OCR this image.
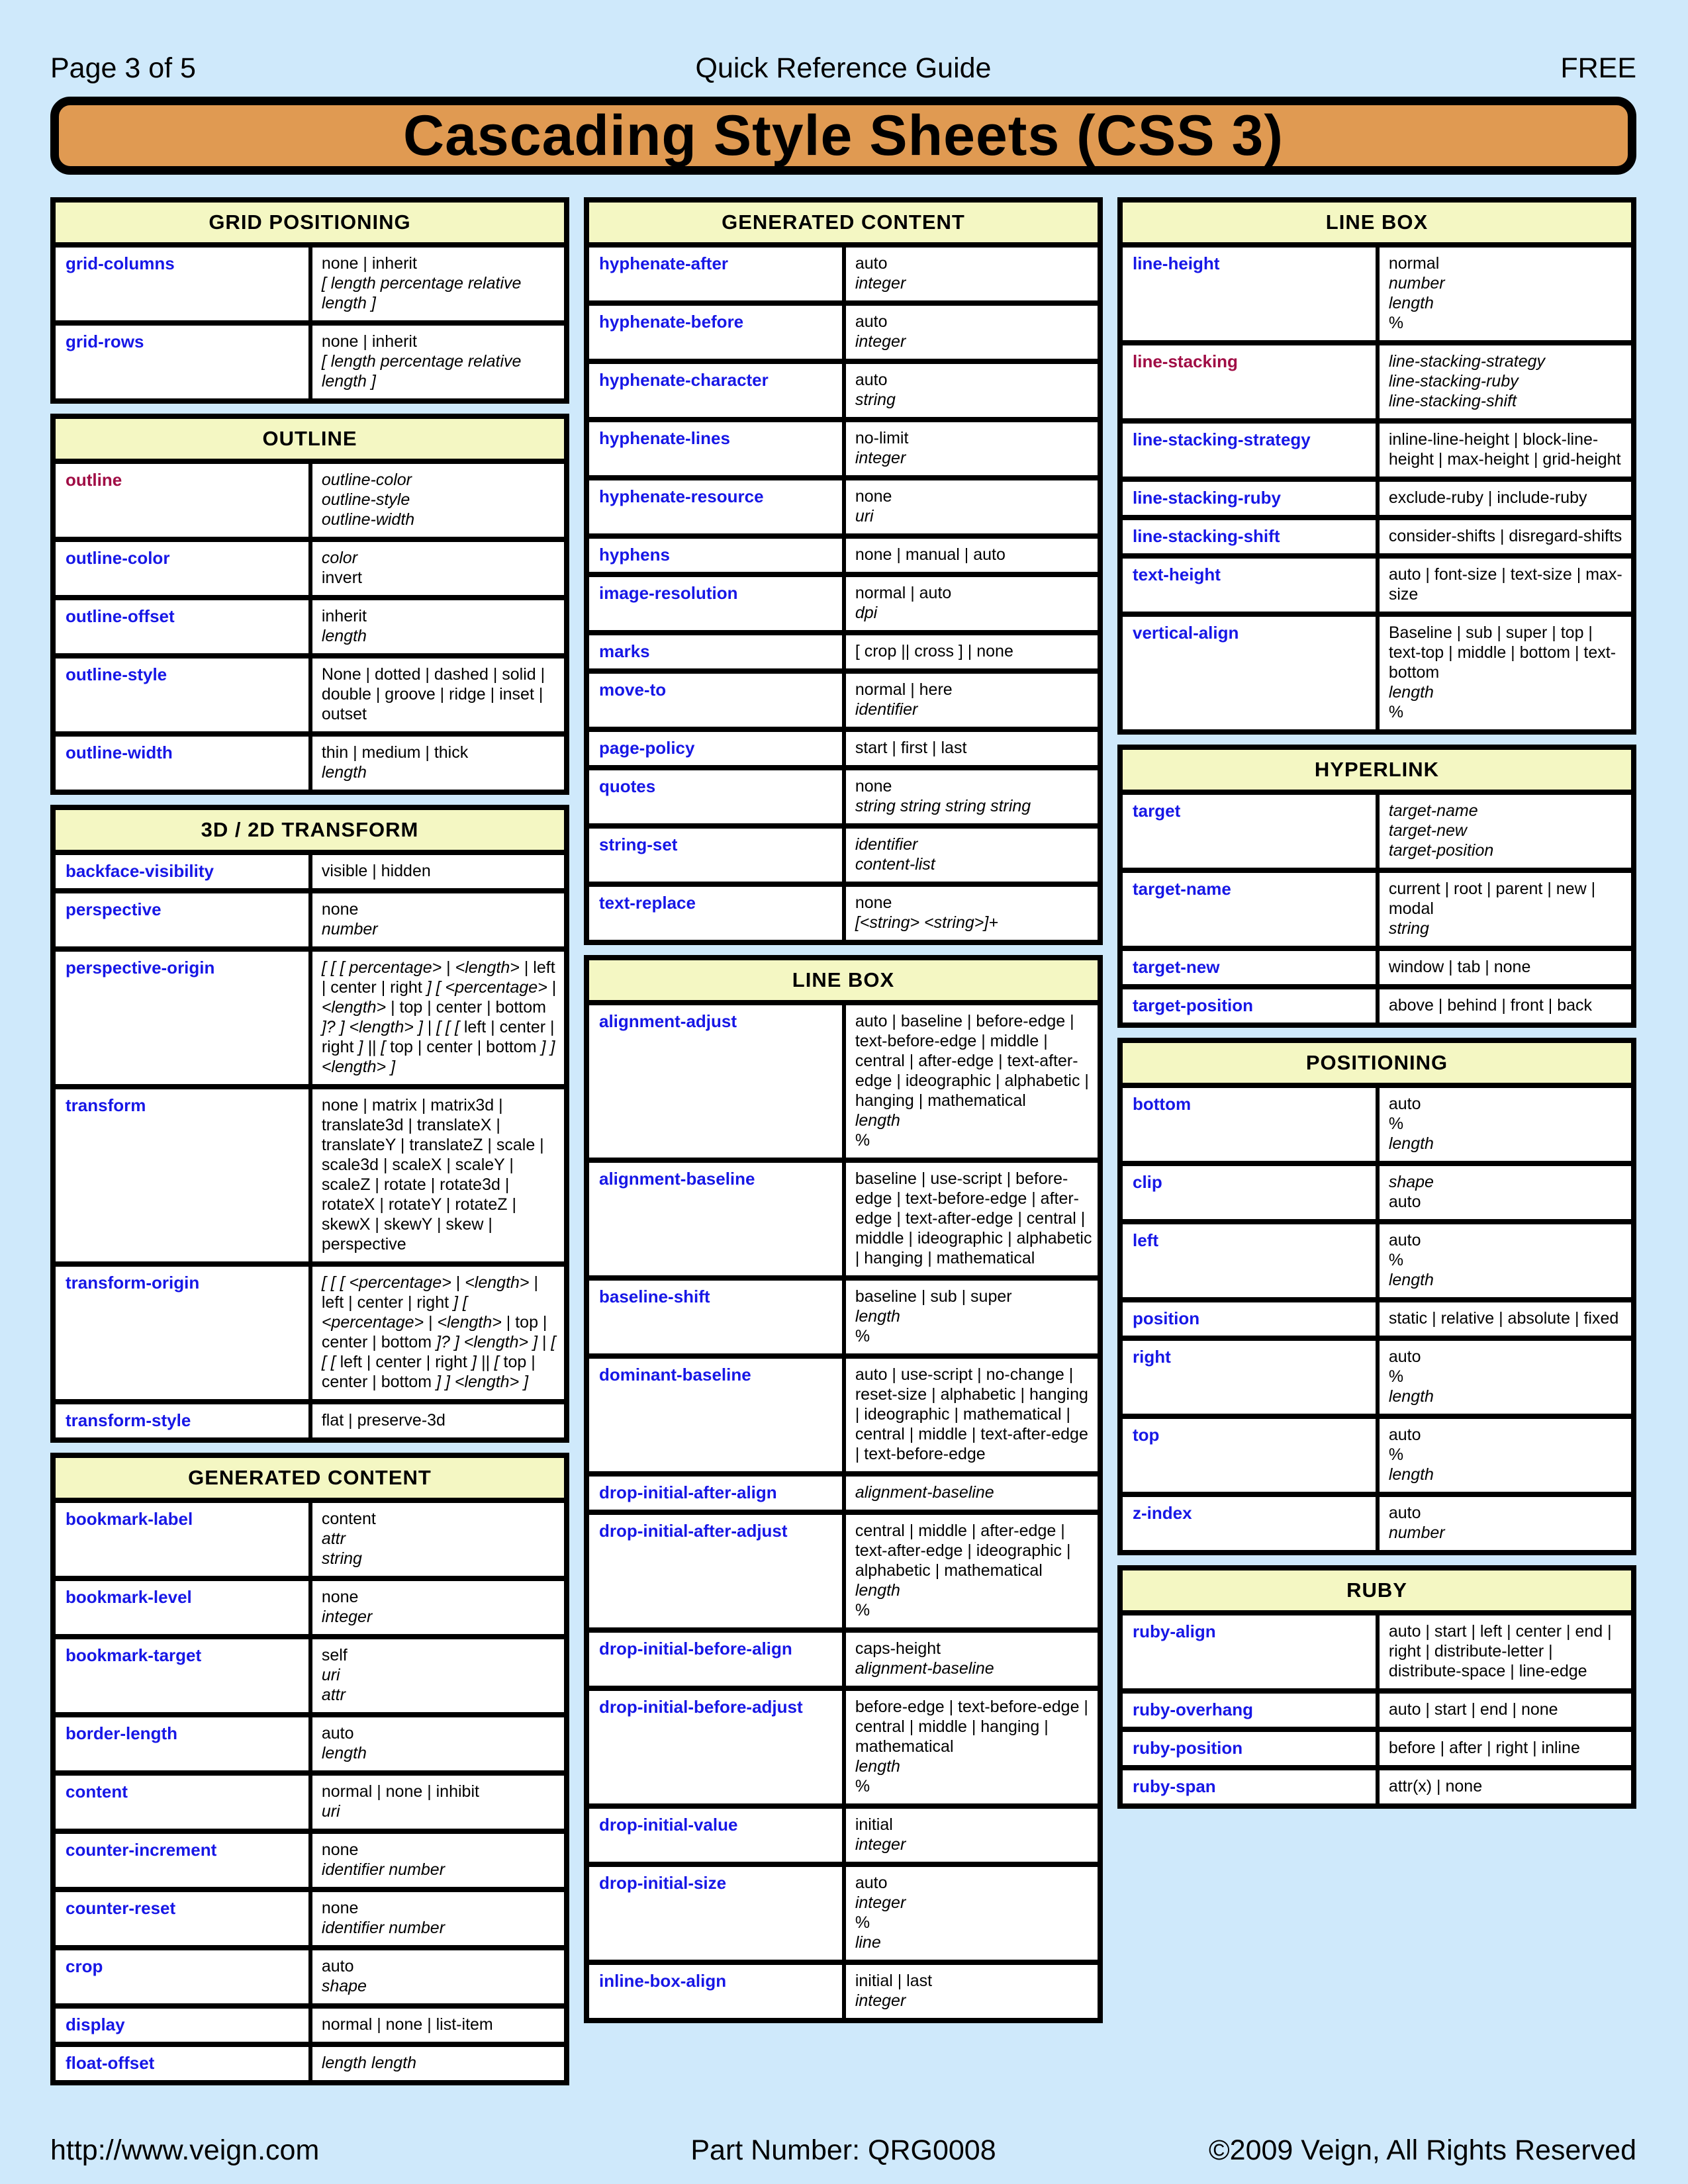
Page 3 of 5	Quick Reference Guide	FREE
Cascading Style Sheets (CSS 3)
GRID POSITIONING
grid-columns	none | inherit
[ length percentage relative length ]
grid-rows	none | inherit
[ length percentage relative length ]
OUTLINE
outline	outline-color
outline-style
outline-width
outline-color	color
invert
outline-offset	inherit
length
outline-style	None | dotted | dashed | solid | double | groove | ridge | inset | outset
outline-width	thin | medium | thick
length
3D / 2D TRANSFORM
backface-visibility	visible | hidden
perspective	none
number
perspective-origin	[ [ [ percentage> | <length> | left | center | right ] [ <percentage> | <length> | top | center | bottom ]? ] <length> ] | [ [ [ left | center | right ] || [ top | center | bottom ] ] <length> ]
transform	none | matrix | matrix3d | translate3d | translateX | translateY | translateZ | scale | scale3d | scaleX | scaleY | scaleZ | rotate | rotate3d | rotateX | rotateY | rotateZ | skewX | skewY | skew | perspective
transform-origin	[ [ [ <percentage> | <length> | left | center | right ] [ <percentage> | <length> | top | center | bottom ]? ] <length> ] | [ [ [ left | center | right ] || [ top | center | bottom ] ] <length> ]
transform-style	flat | preserve-3d
GENERATED CONTENT
bookmark-label	content
attr
string
bookmark-level	none
integer
bookmark-target	self
uri
attr
border-length	auto
length
content	normal | none | inhibit
uri
counter-increment	none
identifier number
counter-reset	none
identifier number
crop	auto
shape
display	normal | none | list-item
float-offset	length length
GENERATED CONTENT
hyphenate-after	auto
integer
hyphenate-before	auto
integer
hyphenate-character	auto
string
hyphenate-lines	no-limit
integer
hyphenate-resource	none
uri
hyphens	none | manual | auto
image-resolution	normal | auto
dpi
marks	[ crop || cross ] | none
move-to	normal | here
identifier
page-policy	start | first | last
quotes	none
string string string string
string-set	identifier
content-list
text-replace	none
[<string> <string>]+
LINE BOX
alignment-adjust	auto | baseline | before-edge | text-before-edge | middle | central | after-edge | text-after-edge | ideographic | alphabetic | hanging | mathematical
length
%
alignment-baseline	baseline | use-script | before-edge | text-before-edge | after-edge | text-after-edge | central | middle | ideographic | alphabetic | hanging | mathematical
baseline-shift	baseline | sub | super
length
%
dominant-baseline	auto | use-script | no-change | reset-size | alphabetic | hanging | ideographic | mathematical | central | middle | text-after-edge | text-before-edge
drop-initial-after-align	alignment-baseline
drop-initial-after-adjust	central | middle | after-edge | text-after-edge | ideographic | alphabetic | mathematical
length
%
drop-initial-before-align	caps-height
alignment-baseline
drop-initial-before-adjust	before-edge | text-before-edge | central | middle | hanging | mathematical
length
%
drop-initial-value	initial
integer
drop-initial-size	auto
integer
%
line
inline-box-align	initial | last
integer
LINE BOX
line-height	normal
number
length
%
line-stacking	line-stacking-strategy
line-stacking-ruby
line-stacking-shift
line-stacking-strategy	inline-line-height | block-line-height | max-height | grid-height
line-stacking-ruby	exclude-ruby | include-ruby
line-stacking-shift	consider-shifts | disregard-shifts
text-height	auto | font-size | text-size | max-size
vertical-align	Baseline | sub | super | top | text-top | middle | bottom | text-bottom
length
%
HYPERLINK
target	target-name
target-new
target-position
target-name	current | root | parent | new | modal
string
target-new	window | tab | none
target-position	above | behind | front | back
POSITIONING
bottom	auto
%
length
clip	shape
auto
left	auto
%
length
position	static | relative | absolute | fixed
right	auto
%
length
top	auto
%
length
z-index	auto
number
RUBY
ruby-align	auto | start | left | center | end | right | distribute-letter | distribute-space | line-edge
ruby-overhang	auto | start | end | none
ruby-position	before | after | right | inline
ruby-span	attr(x) | none
http://www.veign.com	Part Number: QRG0008	©2009 Veign, All Rights Reserved
